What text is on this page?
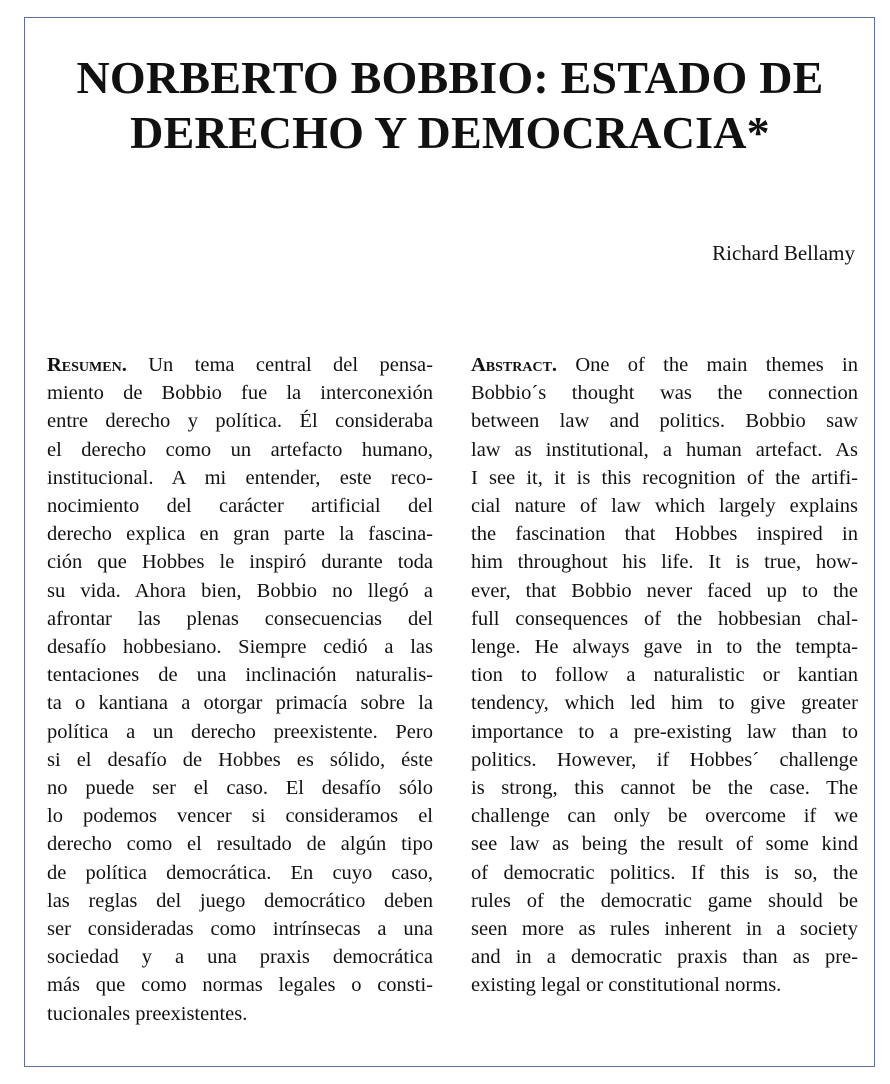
NORBERTO BOBBIO: ESTADO DE
DERECHO Y DEMOCRACIA*
Richard Bellamy
Resumen. Un tema central del pensa-
miento de Bobbio fue la interconexión
entre derecho y política. Él consideraba
el derecho como un artefacto humano,
institucional. A mi entender, este reco-
nocimiento del carácter artificial del
derecho explica en gran parte la fascina-
ción que Hobbes le inspiró durante toda
su vida. Ahora bien, Bobbio no llegó a
afrontar las plenas consecuencias del
desafío hobbesiano. Siempre cedió a las
tentaciones de una inclinación naturalis-
ta o kantiana a otorgar primacía sobre la
política a un derecho preexistente. Pero
si el desafío de Hobbes es sólido, éste
no puede ser el caso. El desafío sólo
lo podemos vencer si consideramos el
derecho como el resultado de algún tipo
de política democrática. En cuyo caso,
las reglas del juego democrático deben
ser consideradas como intrínsecas a una
sociedad y a una praxis democrática
más que como normas legales o consti-
tucionales preexistentes.
Abstract. One of the main themes in
Bobbio´s thought was the connection
between law and politics. Bobbio saw
law as institutional, a human artefact. As
I see it, it is this recognition of the artifi-
cial nature of law which largely explains
the fascination that Hobbes inspired in
him throughout his life. It is true, how-
ever, that Bobbio never faced up to the
full consequences of the hobbesian chal-
lenge. He always gave in to the tempta-
tion to follow a naturalistic or kantian
tendency, which led him to give greater
importance to a pre-existing law than to
politics. However, if Hobbes´ challenge
is strong, this cannot be the case. The
challenge can only be overcome if we
see law as being the result of some kind
of democratic politics. If this is so, the
rules of the democratic game should be
seen more as rules inherent in a society
and in a democratic praxis than as pre-
existing legal or constitutional norms.
